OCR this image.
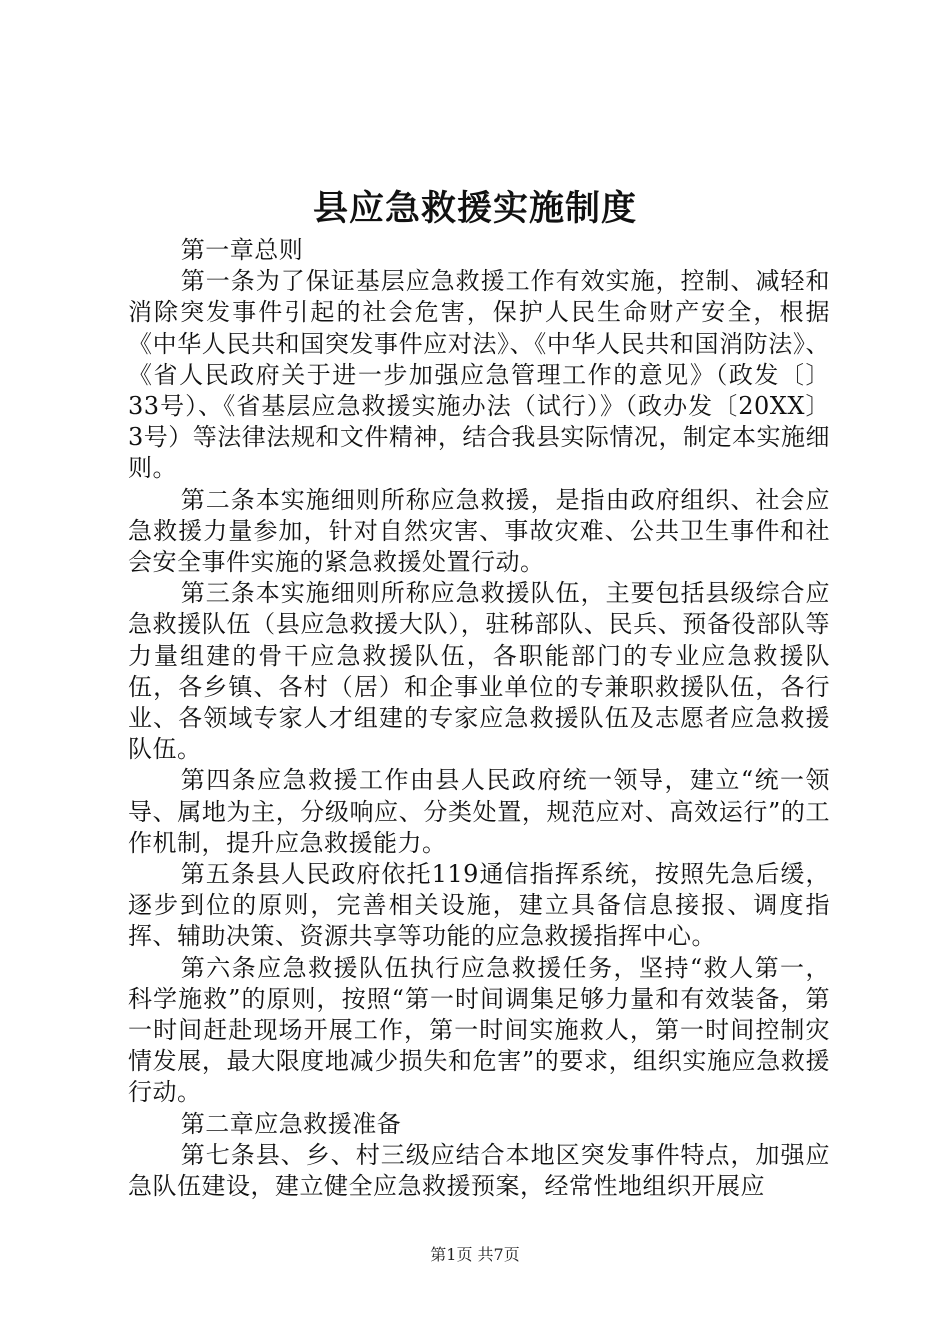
县应急救援实施制度

第一章总则

第一条为了保证基层应急救援工作有效实施，控制、减轻和消除突发事件引起的社会危害，保护人民生命财产安全，根据《中华人民共和国突发事件应对法》、《中华人民共和国消防法》、《省人民政府关于进一步加强应急管理工作的意见》（政发〔〕33号）、《省基层应急救援实施办法（试行）》（政办发〔20XX〕3号）等法律法规和文件精神，结合我县实际情况，制定本实施细则。

第二条本实施细则所称应急救援，是指由政府组织、社会应急救援力量参加，针对自然灾害、事故灾难、公共卫生事件和社会安全事件实施的紧急救援处置行动。

第三条本实施细则所称应急救援队伍，主要包括县级综合应急救援队伍（县应急救援大队），驻秭部队、民兵、预备役部队等力量组建的骨干应急救援队伍，各职能部门的专业应急救援队伍，各乡镇、各村（居）和企事业单位的专兼职救援队伍，各行业、各领域专家人才组建的专家应急救援队伍及志愿者应急救援队伍。

第四条应急救援工作由县人民政府统一领导，建立“统一领导、属地为主，分级响应、分类处置，规范应对、高效运行”的工作机制，提升应急救援能力。

第五条县人民政府依托119通信指挥系统，按照先急后缓，逐步到位的原则，完善相关设施，建立具备信息接报、调度指挥、辅助决策、资源共享等功能的应急救援指挥中心。

第六条应急救援队伍执行应急救援任务，坚持“救人第一，科学施救”的原则，按照“第一时间调集足够力量和有效装备，第一时间赶赴现场开展工作，第一时间实施救人，第一时间控制灾情发展，最大限度地减少损失和危害”的要求，组织实施应急救援行动。

第二章应急救援准备

第七条县、乡、村三级应结合本地区突发事件特点，加强应急队伍建设，建立健全应急救援预案，经常性地组织开展应

第1页 共7页
